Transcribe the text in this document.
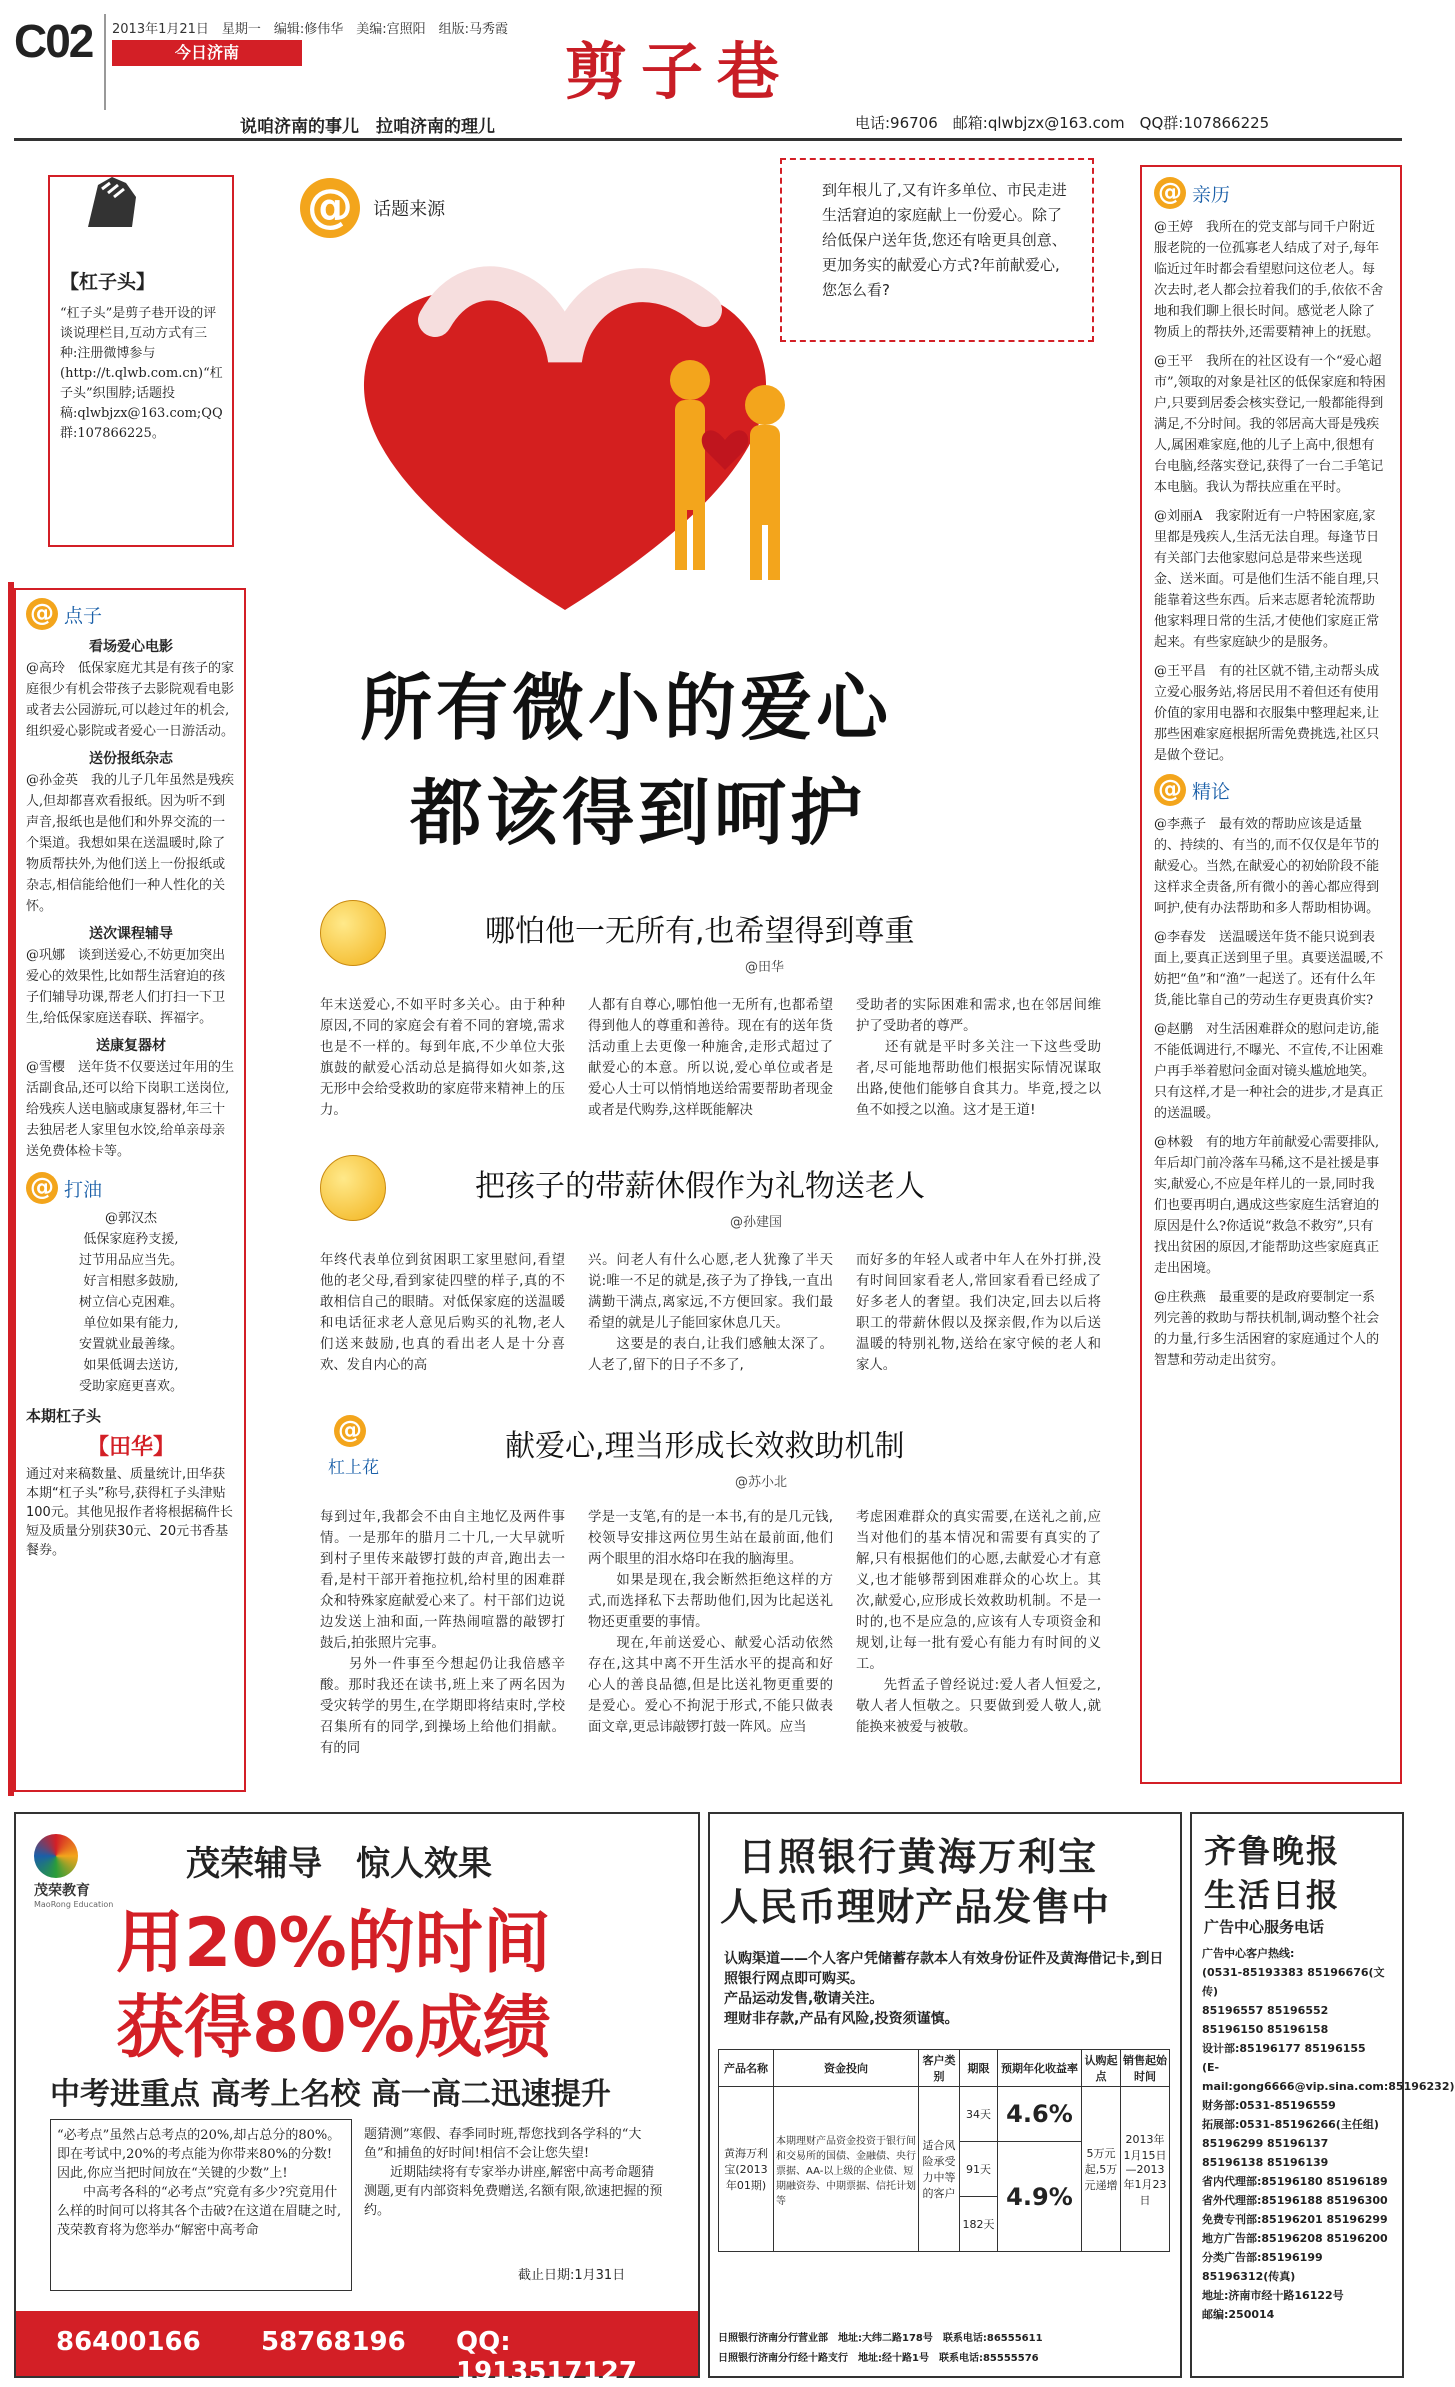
C02 2013年1月21日　星期一　编辑:修伟华　美编:宫照阳　组版:马秀霞
今日济南	剪子巷
说咱济南的事儿　拉咱济南的理儿	电话:96706　邮箱:qlwbjzx@163.com　QQ群:107866225
【杠子头】
“杠子头”是剪子巷开设的评谈说理栏目,互动方式有三种:注册微博参与(http://t.qlwb.com.cn)“杠子头”织围脖;话题投稿:qlwbjzx@163.com;QQ群:107866225。
@ 点子
看场爱心电影
@高玲　低保家庭尤其是有孩子的家庭很少有机会带孩子去影院观看电影或者去公园游玩,可以趁过年的机会,组织爱心影院或者爱心一日游活动。
送份报纸杂志
@孙金英　我的儿子几年虽然是残疾人,但却都喜欢看报纸。因为听不到声音,报纸也是他们和外界交流的一个渠道。我想如果在送温暖时,除了物质帮扶外,为他们送上一份报纸或杂志,相信能给他们一种人性化的关怀。
送次课程辅导
@巩娜　谈到送爱心,不妨更加突出爱心的效果性,比如帮生活窘迫的孩子们辅导功课,帮老人们打扫一下卫生,给低保家庭送春联、挥福字。
送康复器材
@雪樱　送年货不仅要送过年用的生活副食品,还可以给下岗职工送岗位,给残疾人送电脑或康复器材,年三十去独居老人家里包水饺,给单亲母亲送免费体检卡等。
@ 打油
@郭汉杰
低保家庭矜支援,
过节用品应当先。
好言相慰多鼓励,
树立信心克困难。
单位如果有能力,
安置就业最善缘。
如果低调去送访,
受助家庭更喜欢。
本期杠子头
【田华】
通过对来稿数量、质量统计,田华获本期“杠子头”称号,获得杠子头津贴100元。其他见报作者将根据稿件长短及质量分别获30元、20元书香基餐券。
@ 话题来源
到年根儿了,又有许多单位、市民走进生活窘迫的家庭献上一份爱心。除了给低保户送年货,您还有啥更具创意、更加务实的献爱心方式?年前献爱心,您怎么看?
所有微小的爱心
都该得到呵护
哪怕他一无所有,也希望得到尊重
@田华
年末送爱心,不如平时多关心。由于种种原因,不同的家庭会有着不同的窘境,需求也是不一样的。每到年底,不少单位大张旗鼓的献爱心活动总是搞得如火如荼,这无形中会给受救助的家庭带来精神上的压力。
人都有自尊心,哪怕他一无所有,也都希望得到他人的尊重和善待。现在有的送年货活动重上去更像一种施舍,走形式超过了献爱心的本意。所以说,爱心单位或者是爱心人士可以悄悄地送给需要帮助者现金或者是代购券,这样既能解决
受助者的实际困难和需求,也在邻居间维护了受助者的尊严。
　　还有就是平时多关注一下这些受助者,尽可能地帮助他们根据实际情况谋取出路,使他们能够自食其力。毕竟,授之以鱼不如授之以渔。这才是王道!
把孩子的带薪休假作为礼物送老人
@孙建国
年终代表单位到贫困职工家里慰问,看望他的老父母,看到家徒四壁的样子,真的不敢相信自己的眼睛。对低保家庭的送温暖和电话征求老人意见后购买的礼物,老人们送来鼓励,也真的看出老人是十分喜欢、发自内心的高
兴。问老人有什么心愿,老人犹豫了半天说:唯一不足的就是,孩子为了挣钱,一直出满勤干满点,离家远,不方便回家。我们最希望的就是儿子能回家休息几天。
　　这要是的表白,让我们感触太深了。人老了,留下的日子不多了,
而好多的年轻人或者中年人在外打拼,没有时间回家看老人,常回家看看已经成了好多老人的奢望。我们决定,回去以后将职工的带薪休假以及探亲假,作为以后送温暖的特别礼物,送给在家守候的老人和家人。
@
杠上花
献爱心,理当形成长效救助机制
@苏小北
每到过年,我都会不由自主地忆及两件事情。一是那年的腊月二十几,一大早就听到村子里传来敲锣打鼓的声音,跑出去一看,是村干部开着拖拉机,给村里的困难群众和特殊家庭献爱心来了。村干部们边说边发送上油和面,一阵热闹喧嚣的敲锣打鼓后,拍张照片完事。
　　另外一件事至今想起仍让我倍感辛酸。那时我还在读书,班上来了两名因为受灾转学的男生,在学期即将结束时,学校召集所有的同学,到操场上给他们捐献。有的同
学是一支笔,有的是一本书,有的是几元钱,校领导安排这两位男生站在最前面,他们两个眼里的泪水烙印在我的脑海里。
　　如果是现在,我会断然拒绝这样的方式,而选择私下去帮助他们,因为比起送礼物还更重要的事情。
　　现在,年前送爱心、献爱心活动依然存在,这其中离不开生活水平的提高和好心人的善良品德,但是比送礼物更重要的是爱心。爱心不拘泥于形式,不能只做表面文章,更忌讳敲锣打鼓一阵风。应当
考虑困难群众的真实需要,在送礼之前,应当对他们的基本情况和需要有真实的了解,只有根据他们的心愿,去献爱心才有意义,也才能够帮到困难群众的心坎上。其次,献爱心,应形成长效救助机制。不是一时的,也不是应急的,应该有人专项资金和规划,让每一批有爱心有能力有时间的义工。
　　先哲孟子曾经说过:爱人者人恒爱之,敬人者人恒敬之。只要做到爱人敬人,就能换来被爱与被敬。
@ 亲历
@王婷　我所在的党支部与同千户附近服老院的一位孤寡老人结成了对子,每年临近过年时都会看望慰问这位老人。每次去时,老人都会拉着我们的手,依依不舍地和我们聊上很长时间。感觉老人除了物质上的帮扶外,还需要精神上的抚慰。
@王平　我所在的社区设有一个“爱心超市”,领取的对象是社区的低保家庭和特困户,只要到居委会核实登记,一般都能得到满足,不分时间。我的邻居高大哥是残疾人,属困难家庭,他的儿子上高中,很想有台电脑,经落实登记,获得了一台二手笔记本电脑。我认为帮扶应重在平时。
@刘丽A　我家附近有一户特困家庭,家里都是残疾人,生活无法自理。每逢节日有关部门去他家慰问总是带来些送现金、送米面。可是他们生活不能自理,只能靠着这些东西。后来志愿者轮流帮助他家料理日常的生活,才使他们家庭正常起来。有些家庭缺少的是服务。
@王平昌　有的社区就不错,主动帮头成立爱心服务站,将居民用不着但还有使用价值的家用电器和衣服集中整理起来,让那些困难家庭根据所需免费挑选,社区只是做个登记。
@ 精论
@李燕子　最有效的帮助应该是适量的、持续的、有当的,而不仅仅是年节的献爱心。当然,在献爱心的初始阶段不能这样求全责备,所有微小的善心都应得到呵护,使有办法帮助和多人帮助相协调。
@李春发　送温暖送年货不能只说到表面上,要真正送到里子里。真要送温暖,不妨把“鱼”和“渔”一起送了。还有什么年货,能比靠自己的劳动生存更贵真价实?
@赵鹏　对生活困难群众的慰问走访,能不能低调进行,不曝光、不宣传,不让困难户再手举着慰问金面对镜头尴尬地笑。只有这样,才是一种社会的进步,才是真正的送温暖。
@林毅　有的地方年前献爱心需要排队,年后却门前冷落车马稀,这不是社援是事实,献爱心,不应是年样儿的一景,同时我们也要再明白,遇成这些家庭生活窘迫的原因是什么?你适说“救急不救穷”,只有找出贫困的原因,才能帮助这些家庭真正走出困境。
@庄秩燕　最重要的是政府要制定一系列完善的救助与帮扶机制,调动整个社会的力量,行多生活困窘的家庭通过个人的智慧和劳动走出贫穷。
茂荣教育
MaoRong Education
茂荣辅导　惊人效果
用20%的时间
获得80%成绩
中考进重点 高考上名校 高一高二迅速提升
“必考点”虽然占总考点的20%,却占总分的80%。即在考试中,20%的考点能为你带来80%的分数!因此,你应当把时间放在“关键的少数”上!
　　中高考各科的“必考点”究竟有多少?究竟用什么样的时间可以将其各个击破?在这道在眉睫之时,茂荣教育将为您举办“解密中高考命
题猜测”寒假、春季同时班,帮您找到各学科的“大鱼”和捕鱼的好时间!相信不会让您失望!
　　近期陆续将有专家举办讲座,解密中高考命题猜测题,更有内部资料免费赠送,名额有限,欲速把握的预约。
截止日期:1月31日
86400166 58768196 QQ: 1913517127
日照银行黄海万利宝
人民币理财产品发售中
认购渠道——个人客户凭储蓄存款本人有效身份证件及黄海借记卡,到日照银行网点即可购买。
产品运动发售,敬请关注。
理财非存款,产品有风险,投资须谨慎。
产品名称	资金投向	客户类别	期限	预期年化收益率	认购起点	销售起始时间
黄海万利宝(2013年01期)	本期理财产品资金投资于银行间和交易所的国债、金融债、央行票据、AA-以上级的企业债、短期融资券、中期票据、信托计划等	适合风险承受力中等的客户	34天	4.6%	5万元起,5万元递增	2013年1月15日—2013年1月23日
			91天	4.9%		
			182天			
日照银行济南分行营业部　地址:大纬二路178号　联系电话:86555611
日照银行济南分行经十路支行　地址:经十路1号　联系电话:85555576
齐鲁晚报
生活日报
广告中心服务电话
广告中心客户热线:
(0531-85193383 85196676(文传)
85196557 85196552
85196150 85196158
设计部:85196177 85196155
(E-mail:gong6666@vip.sina.com:85196232)
财务部:0531-85196559
拓展部:0531-85196266(主任组)
85196299 85196137
85196138 85196139
省内代理部:85196180 85196189
省外代理部:85196188 85196300
免费专刊部:85196201 85196299
地方广告部:85196208 85196200
分类广告部:85196199
85196312(传真)
地址:济南市经十路16122号
邮编:250014
